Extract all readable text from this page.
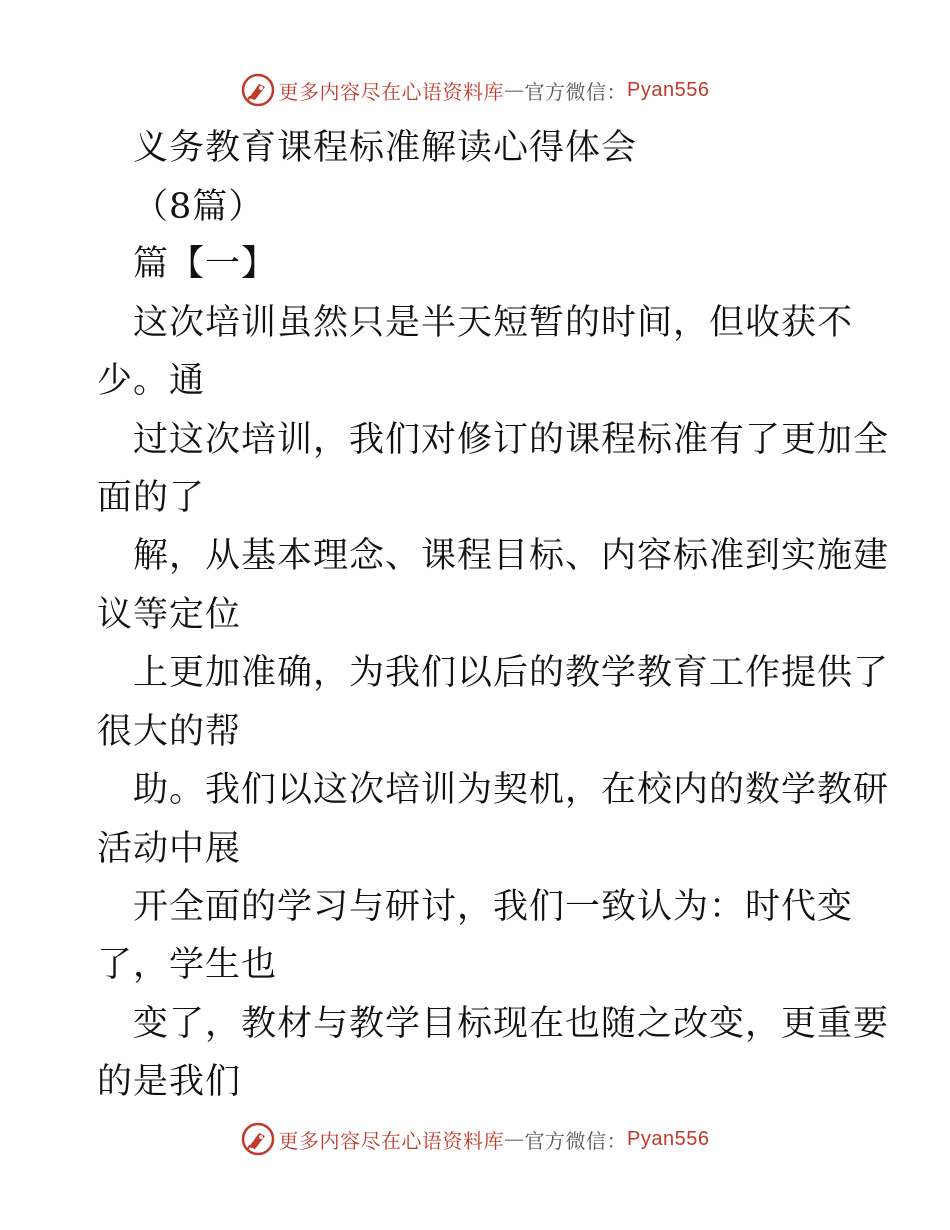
更多内容尽在心语资料库 — 官方微信： Pyan556
义务教育课程标准解读心得体会
（8篇）
篇【一】
这次培训虽然只是半天短暂的时间，但收获不
少。通
过这次培训，我们对修订的课程标准有了更加全
面的了
解，从基本理念、课程目标、内容标准到实施建
议等定位
上更加准确，为我们以后的教学教育工作提供了
很大的帮
助。我们以这次培训为契机，在校内的数学教研
活动中展
开全面的学习与研讨，我们一致认为：时代变
了，学生也
变了，教材与教学目标现在也随之改变，更重要
的是我们
更多内容尽在心语资料库 — 官方微信： Pyan556
